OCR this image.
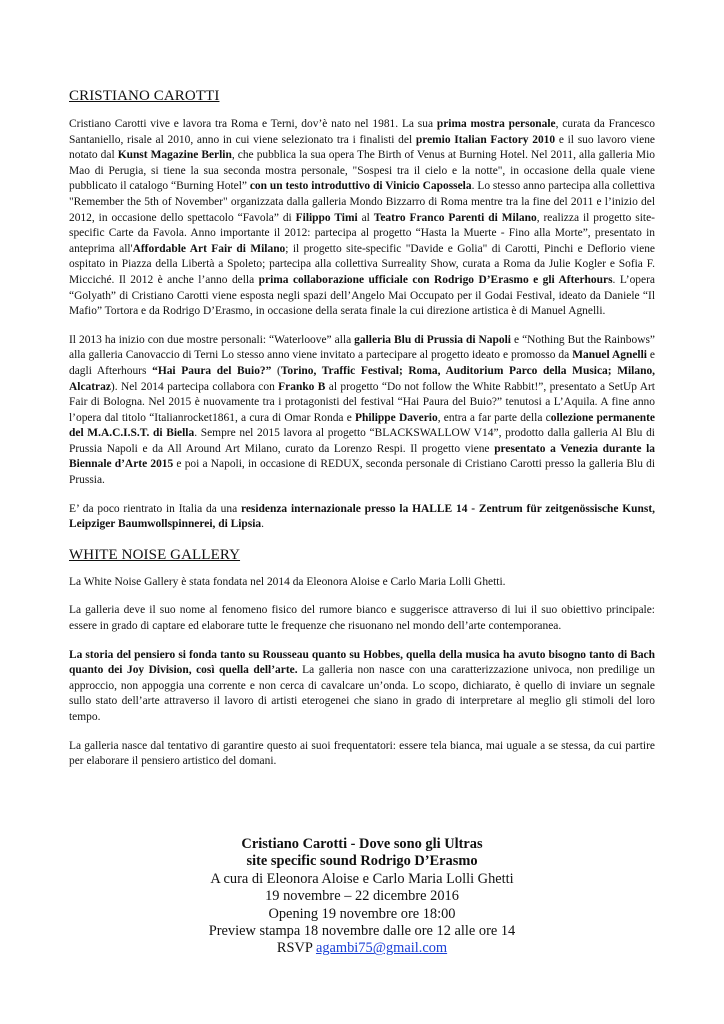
CRISTIANO CAROTTI

Cristiano Carotti vive e lavora tra Roma e Terni, dov’è nato nel 1981. La sua prima mostra personale, curata da Francesco Santaniello, risale al 2010, anno in cui viene selezionato tra i finalisti del premio Italian Factory 2010 e il suo lavoro viene notato dal Kunst Magazine Berlin, che pubblica la sua opera The Birth of Venus at Burning Hotel. Nel 2011, alla galleria Mio Mao di Perugia, si tiene la sua seconda mostra personale, "Sospesi tra il cielo e la notte", in occasione della quale viene pubblicato il catalogo “Burning Hotel” con un testo introduttivo di Vinicio Capossela. Lo stesso anno partecipa alla collettiva "Remember the 5th of November" organizzata dalla galleria Mondo Bizzarro di Roma mentre tra la fine del 2011 e l’inizio del 2012, in occasione dello spettacolo “Favola” di Filippo Timi al Teatro Franco Parenti di Milano, realizza il progetto site-specific Carte da Favola. Anno importante il 2012: partecipa al progetto “Hasta la Muerte - Fino alla Morte”, presentato in anteprima all'Affordable Art Fair di Milano; il progetto site-specific "Davide e Golia" di Carotti, Pinchi e Deflorio viene ospitato in Piazza della Libertà a Spoleto; partecipa alla collettiva Surreality Show, curata a Roma da Julie Kogler e Sofia F. Micciché. Il 2012 è anche l’anno della prima collaborazione ufficiale con Rodrigo D’Erasmo e gli Afterhours. L’opera “Golyath” di Cristiano Carotti viene esposta negli spazi dell’Angelo Mai Occupato per il Godai Festival, ideato da Daniele “Il Mafio” Tortora e da Rodrigo D’Erasmo, in occasione della serata finale la cui direzione artistica è di Manuel Agnelli.

Il 2013 ha inizio con due mostre personali: “Waterloove” alla galleria Blu di Prussia di Napoli e “Nothing But the Rainbows” alla galleria Canovaccio di Terni Lo stesso anno viene invitato a partecipare al progetto ideato e promosso da Manuel Agnelli e dagli Afterhours “Hai Paura del Buio?” (Torino, Traffic Festival; Roma, Auditorium Parco della Musica; Milano, Alcatraz). Nel 2014 partecipa collabora con Franko B al progetto “Do not follow the White Rabbit!”, presentato a SetUp Art Fair di Bologna. Nel 2015 è nuovamente tra i protagonisti del festival “Hai Paura del Buio?” tenutosi a L’Aquila. A fine anno l’opera dal titolo “Italianrocket1861, a cura di Omar Ronda e Philippe Daverio, entra a far parte della collezione permanente del M.A.C.I.S.T. di Biella. Sempre nel 2015 lavora al progetto “BLACKSWALLOW V14”, prodotto dalla galleria Al Blu di Prussia Napoli e da All Around Art Milano, curato da Lorenzo Respi. Il progetto viene presentato a Venezia durante la Biennale d’Arte 2015 e poi a Napoli, in occasione di REDUX, seconda personale di Cristiano Carotti presso la galleria Blu di Prussia.

E’ da poco rientrato in Italia da una residenza internazionale presso la HALLE 14 - Zentrum für zeitgenössische Kunst, Leipziger Baumwollspinnerei, di Lipsia.

WHITE NOISE GALLERY

La White Noise Gallery è stata fondata nel 2014 da Eleonora Aloise e Carlo Maria Lolli Ghetti.

La galleria deve il suo nome al fenomeno fisico del rumore bianco e suggerisce attraverso di lui il suo obiettivo principale: essere in grado di captare ed elaborare tutte le frequenze che risuonano nel mondo dell’arte contemporanea.

La storia del pensiero si fonda tanto su Rousseau quanto su Hobbes, quella della musica ha avuto bisogno tanto di Bach quanto dei Joy Division, così quella dell’arte. La galleria non nasce con una caratterizzazione univoca, non predilige un approccio, non appoggia una corrente e non cerca di cavalcare un’onda. Lo scopo, dichiarato, è quello di inviare un segnale sullo stato dell’arte attraverso il lavoro di artisti eterogenei che siano in grado di interpretare al meglio gli stimoli del loro tempo.

La galleria nasce dal tentativo di garantire questo ai suoi frequentatori: essere tela bianca, mai uguale a se stessa, da cui partire per elaborare il pensiero artistico del domani.

Cristiano Carotti - Dove sono gli Ultras
site specific sound Rodrigo D’Erasmo
A cura di Eleonora Aloise e Carlo Maria Lolli Ghetti
19 novembre – 22 dicembre 2016
Opening 19 novembre ore 18:00
Preview stampa 18 novembre dalle ore 12 alle ore 14
RSVP agambi75@gmail.com
